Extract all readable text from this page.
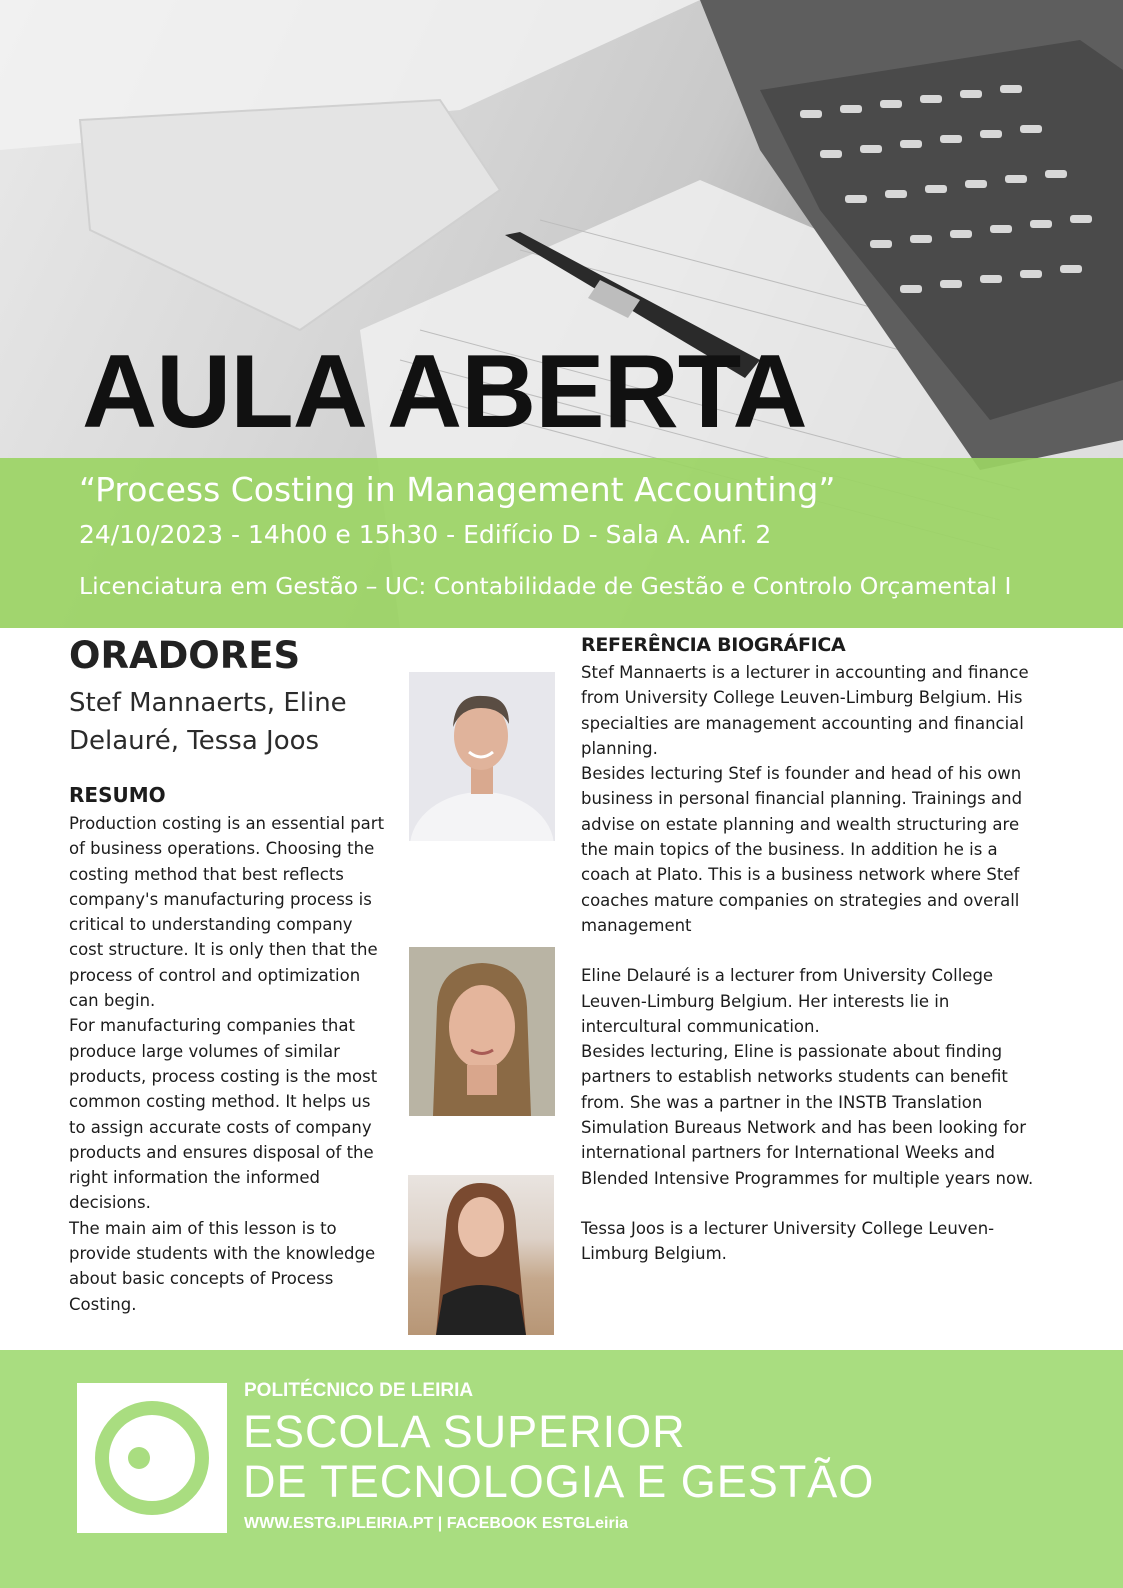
AULA ABERTA
“Process Costing in Management Accounting”
24/10/2023 - 14h00 e 15h30 - Edifício D - Sala A. Anf. 2
Licenciatura em Gestão – UC: Contabilidade de Gestão e Controlo Orçamental I
ORADORES
Stef Mannaerts, Eline Delauré, Tessa Joos
RESUMO

Production costing is an essential part of business operations. Choosing the costing method that best reflects company's manufacturing process is critical to understanding company cost structure. It is only then that the process of control and optimization can begin.

For manufacturing companies that produce large volumes of similar products, process costing is the most common costing method. It helps us to assign accurate costs of company products and ensures disposal of the right information the informed decisions.

The main aim of this lesson is to provide students with the knowledge about basic concepts of Process Costing.

REFERÊNCIA BIOGRÁFICA

Stef Mannaerts is a lecturer in accounting and finance from University College Leuven-Limburg Belgium. His specialties are management accounting and financial planning.

Besides lecturing Stef is founder and head of his own business in personal financial planning. Trainings and advise on estate planning and wealth structuring are the main topics of the business. In addition he is a coach at Plato. This is a business network where Stef coaches mature companies on strategies and overall management

Eline Delauré is a lecturer from University College Leuven-Limburg Belgium. Her interests lie in intercultural communication.

Besides lecturing, Eline is passionate about finding partners to establish networks students can benefit from. She was a partner in the INSTB Translation Simulation Bureaus Network and has been looking for international partners for International Weeks and Blended Intensive Programmes for multiple years now.

Tessa Joos is a lecturer University College Leuven-Limburg Belgium.

POLITÉCNICO DE LEIRIA
ESCOLA SUPERIOR
DE TECNOLOGIA E GESTÃO
WWW.ESTG.IPLEIRIA.PT | FACEBOOK ESTGLeiria
